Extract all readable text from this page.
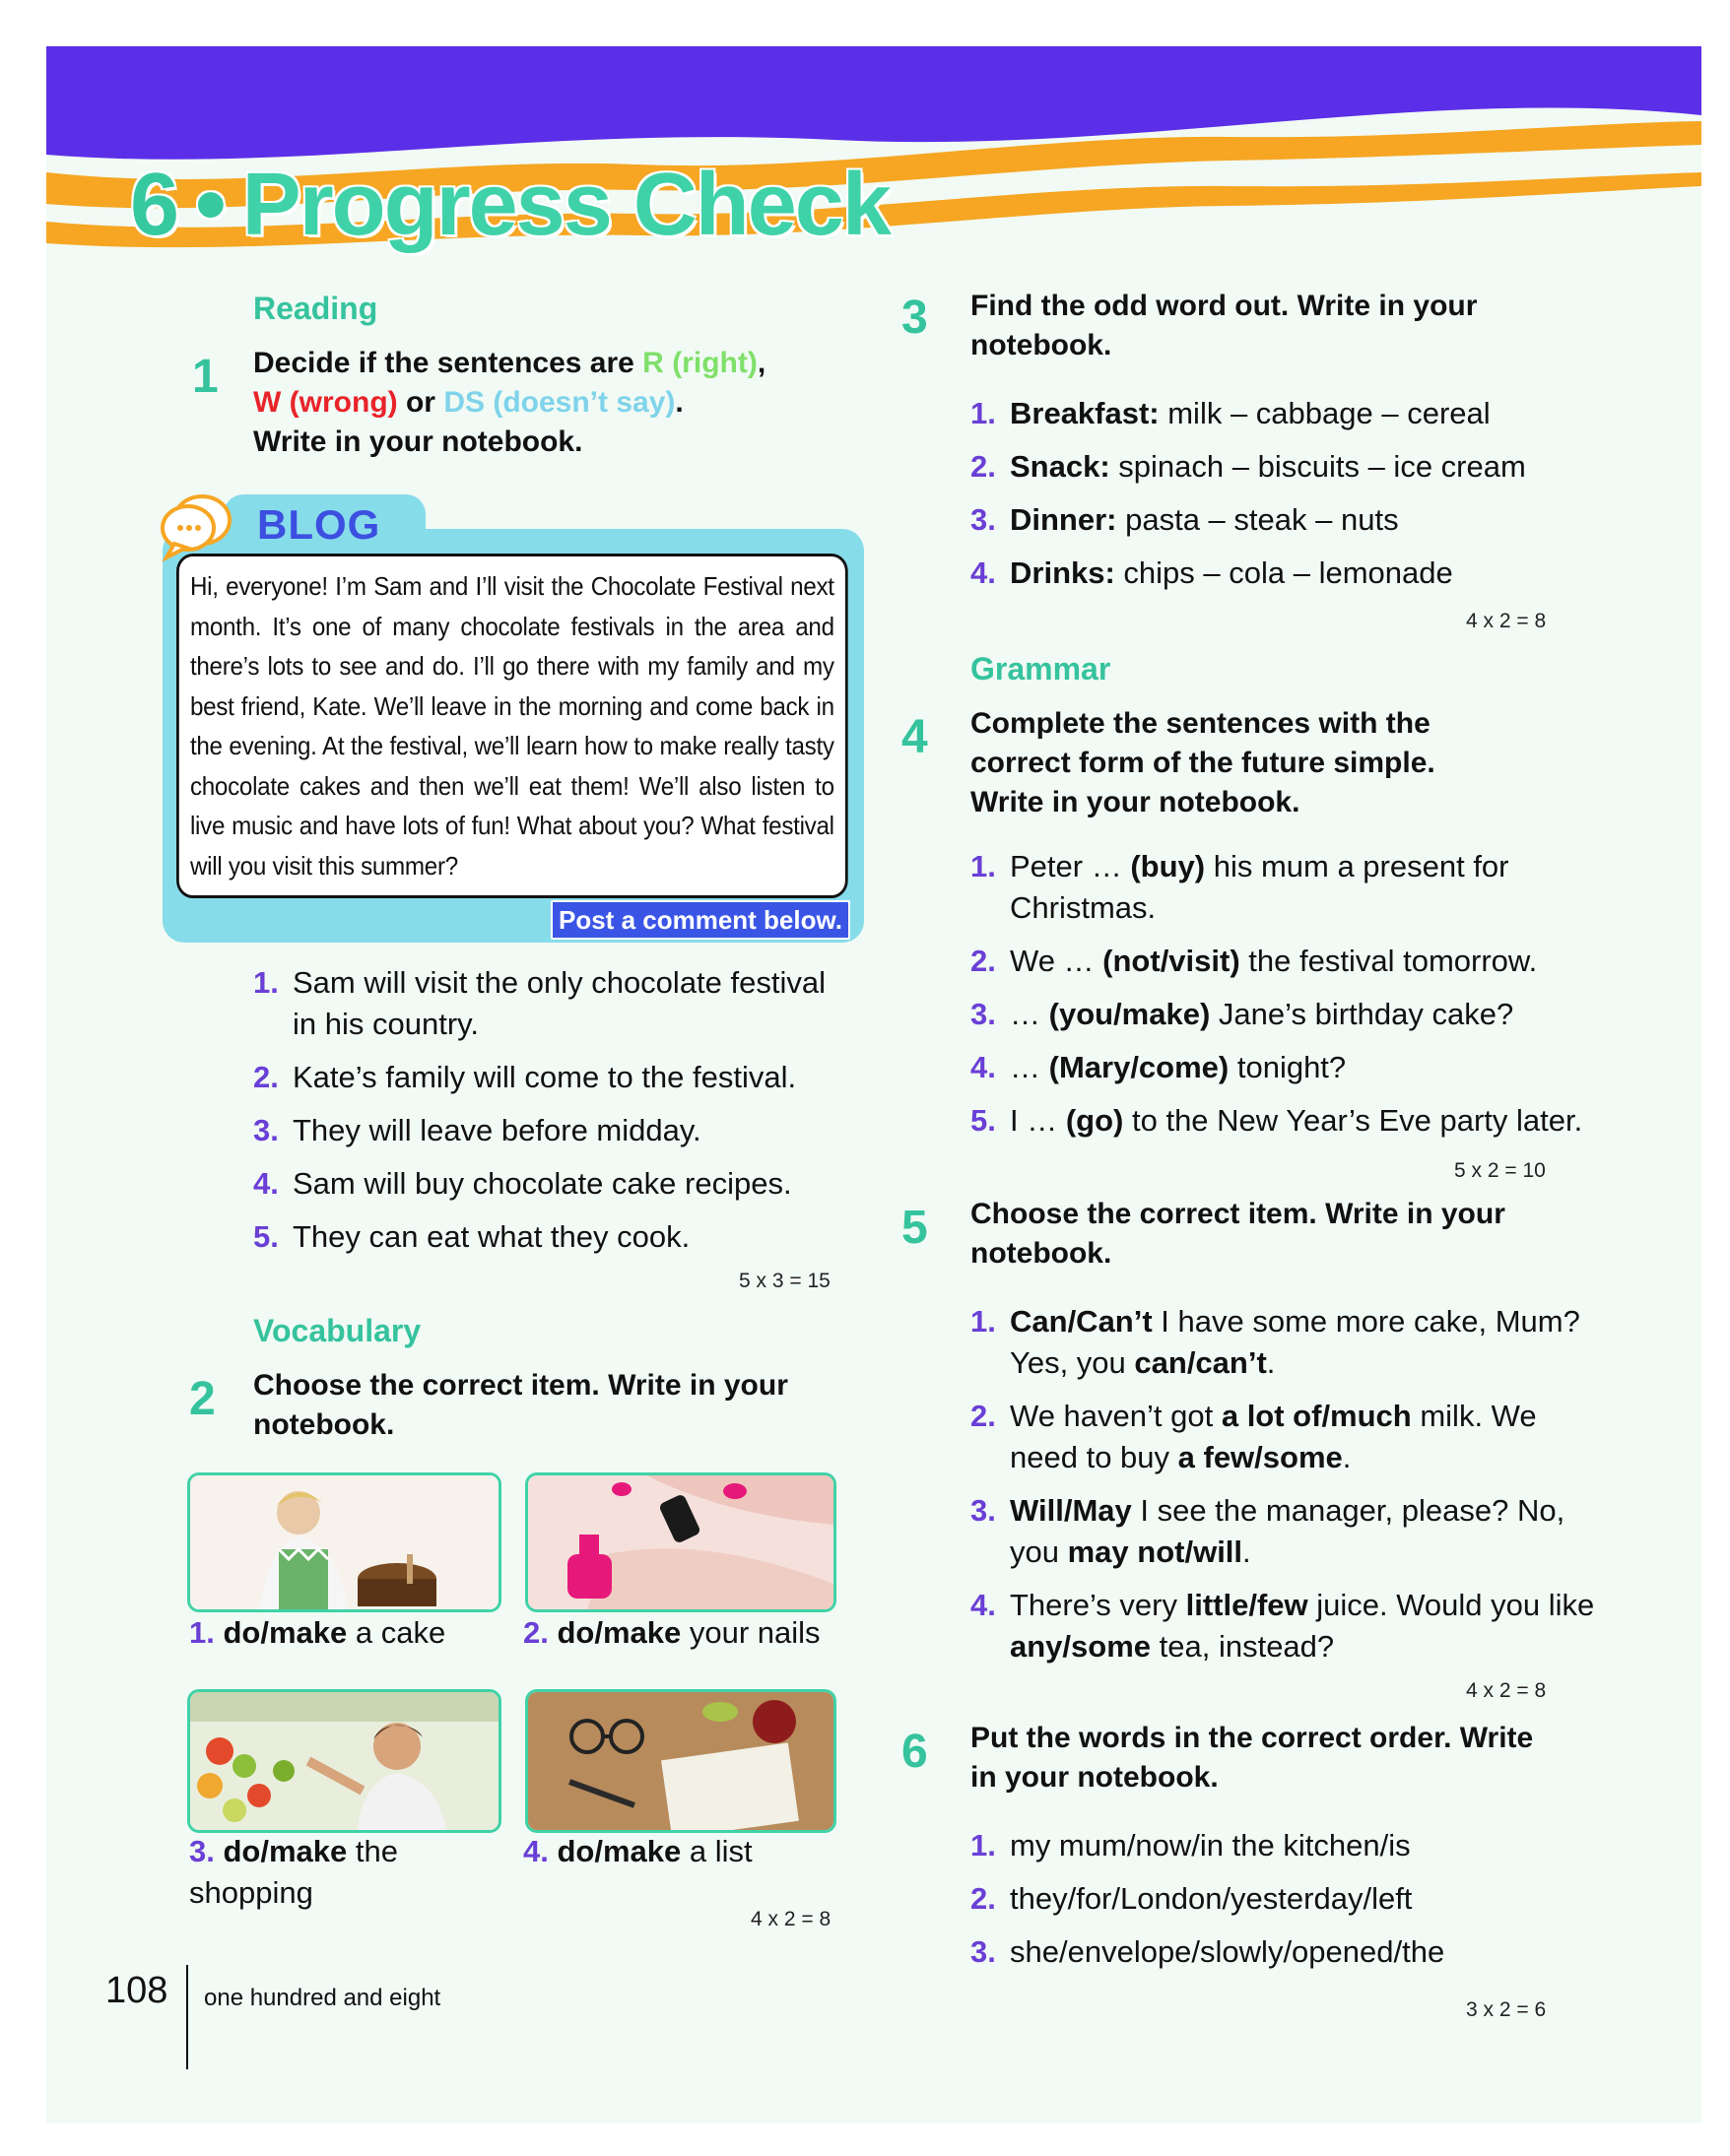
6 • Progress Check
Reading
1 Decide if the sentences are R (right),
W (wrong) or DS (doesn’t say).
Write in your notebook.
BLOG
Hi, everyone! I’m Sam and I’ll visit the Chocolate Festival next month. It’s one of many chocolate festivals in the area and there’s lots to see and do. I’ll go there with my family and my best friend, Kate. We’ll leave in the morning and come back in the evening. At the festival, we’ll learn how to make really tasty chocolate cakes and then we’ll eat them! We’ll also listen to live music and have lots of fun! What about you? What festival will you visit this summer?
Post a comment below.
1. Sam will visit the only chocolate festival in his country.
2. Kate’s family will come to the festival.
3. They will leave before midday.
4. Sam will buy chocolate cake recipes.
5. They can eat what they cook.
5 x 3 = 15
Vocabulary
2 Choose the correct item. Write in your notebook.
1. do/make a cake	2. do/make your nails
3. do/make the shopping
4. do/make a list
4 x 2 = 8
3 Find the odd word out. Write in your notebook.
1. Breakfast: milk – cabbage – cereal
2. Snack: spinach – biscuits – ice cream
3. Dinner: pasta – steak – nuts
4. Drinks: chips – cola – lemonade
4 x 2 = 8
Grammar
4 Complete the sentences with the correct form of the future simple.
Write in your notebook.
1. Peter … (buy) his mum a present for Christmas.
2. We … (not/visit) the festival tomorrow.
3. … (you/make) Jane’s birthday cake?
4. … (Mary/come) tonight?
5. I … (go) to the New Year’s Eve party later.
5 x 2 = 10
5 Choose the correct item. Write in your notebook.
1. Can/Can’t I have some more cake, Mum? Yes, you can/can’t.
2. We haven’t got a lot of/much milk. We need to buy a few/some.
3. Will/May I see the manager, please? No, you may not/will.
4. There’s very little/few juice. Would you like any/some tea, instead?
4 x 2 = 8
6 Put the words in the correct order. Write in your notebook.
1. my mum/now/in the kitchen/is
2. they/for/London/yesterday/left
3. she/envelope/slowly/opened/the
3 x 2 = 6
108 one hundred and eight
